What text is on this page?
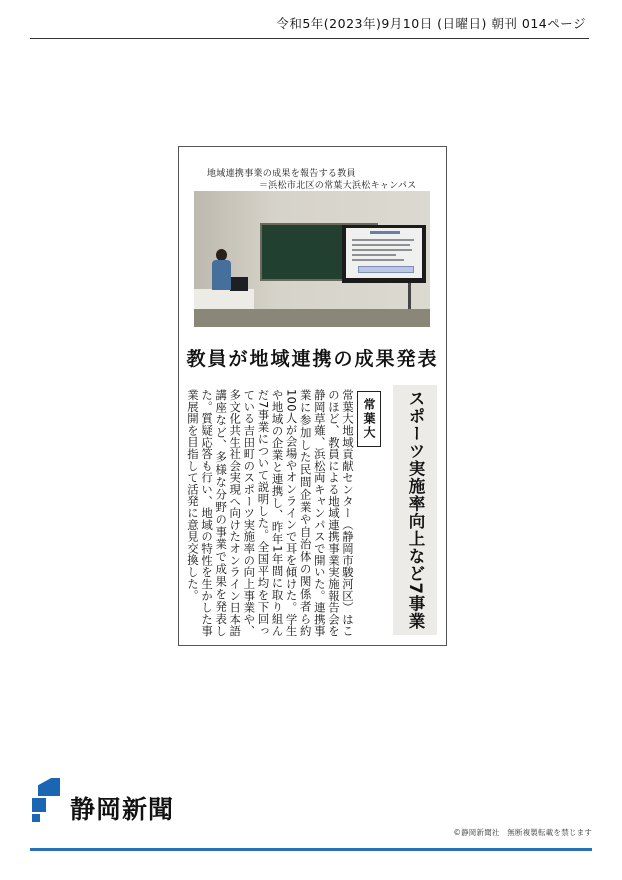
令和5年(2023年)9月10日 (日曜日) 朝刊 014ページ
地域連携事業の成果を報告する教員
＝浜松市北区の常葉大浜松キャンパス
教員が地域連携の成果発表
スポーツ実施率向上など7事業
常葉大
常葉大地域貢献センター（静岡市駿河区）はこのほど、教員による地域連携事業実施報告会を静岡草薙、浜松両キャンパスで開いた。連携事業に参加した民間企業や自治体の関係者ら約100人が会場やオンラインで耳を傾けた。学生や地域の企業と連携し、昨年1年間に取り組んだ7事業について説明した。全国平均を下回っている吉田町のスポーツ実施率の向上事業や、多文化共生社会実現へ向けたオンライン日本語講座など、多様な分野の事業で成果を発表した。質疑応答も行い、地域の特性を生かした事業展開を目指して活発に意見交換した。
静岡新聞
©静岡新聞社　無断複製転載を禁じます
